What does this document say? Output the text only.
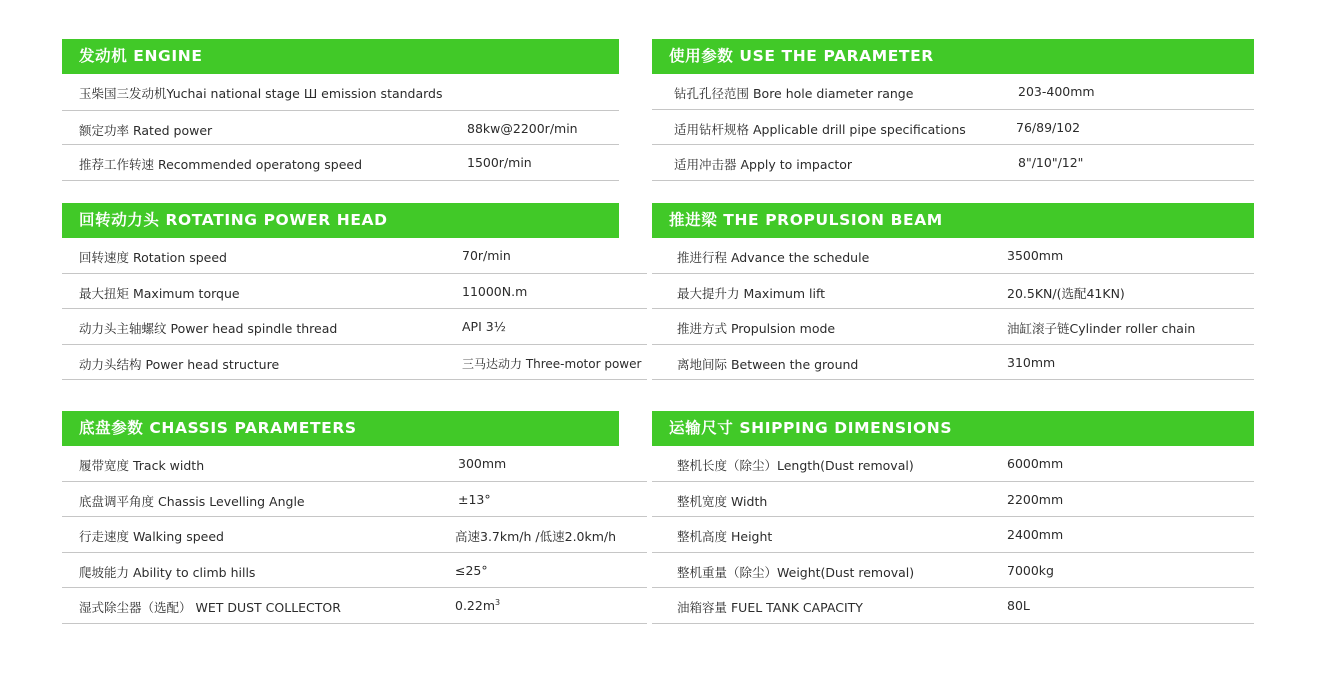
发动机 ENGINE
玉柴国三发动机Yuchai national stage Ш emission standards
额定功率 Rated power	88kw@2200r/min
推荐工作转速 Recommended operatong speed	1500r/min
使用参数 USE THE PARAMETER
钻孔孔径范围 Bore hole diameter range	203-400mm
适用钻杆规格 Applicable drill pipe specifications	76/89/102
适用冲击器 Apply to impactor	8"/10"/12"
回转动力头 ROTATING POWER HEAD
回转速度 Rotation speed	70r/min
最大扭矩 Maximum torque	11000N.m
动力头主轴螺纹 Power head spindle thread	API 3½
动力头结构 Power head structure	三马达动力 Three-motor power
推进梁 THE PROPULSION BEAM
推进行程 Advance the schedule	3500mm
最大提升力 Maximum lift	20.5KN/(选配41KN)
推进方式 Propulsion mode	油缸滚子链Cylinder roller chain
离地间际 Between the ground	310mm
底盘参数 CHASSIS PARAMETERS
履带宽度 Track width	300mm
底盘调平角度 Chassis Levelling Angle	±13°
行走速度 Walking speed	高速3.7km/h /低速2.0km/h
爬坡能力 Ability to climb hills	≤25°
湿式除尘器（选配） WET DUST COLLECTOR	$0.22m^3$
运输尺寸 SHIPPING DIMENSIONS
整机长度（除尘）Length(Dust removal)	6000mm
整机宽度 Width	2200mm
整机高度 Height	2400mm
整机重量（除尘）Weight(Dust removal)	7000kg
油箱容量 FUEL TANK CAPACITY	80L
